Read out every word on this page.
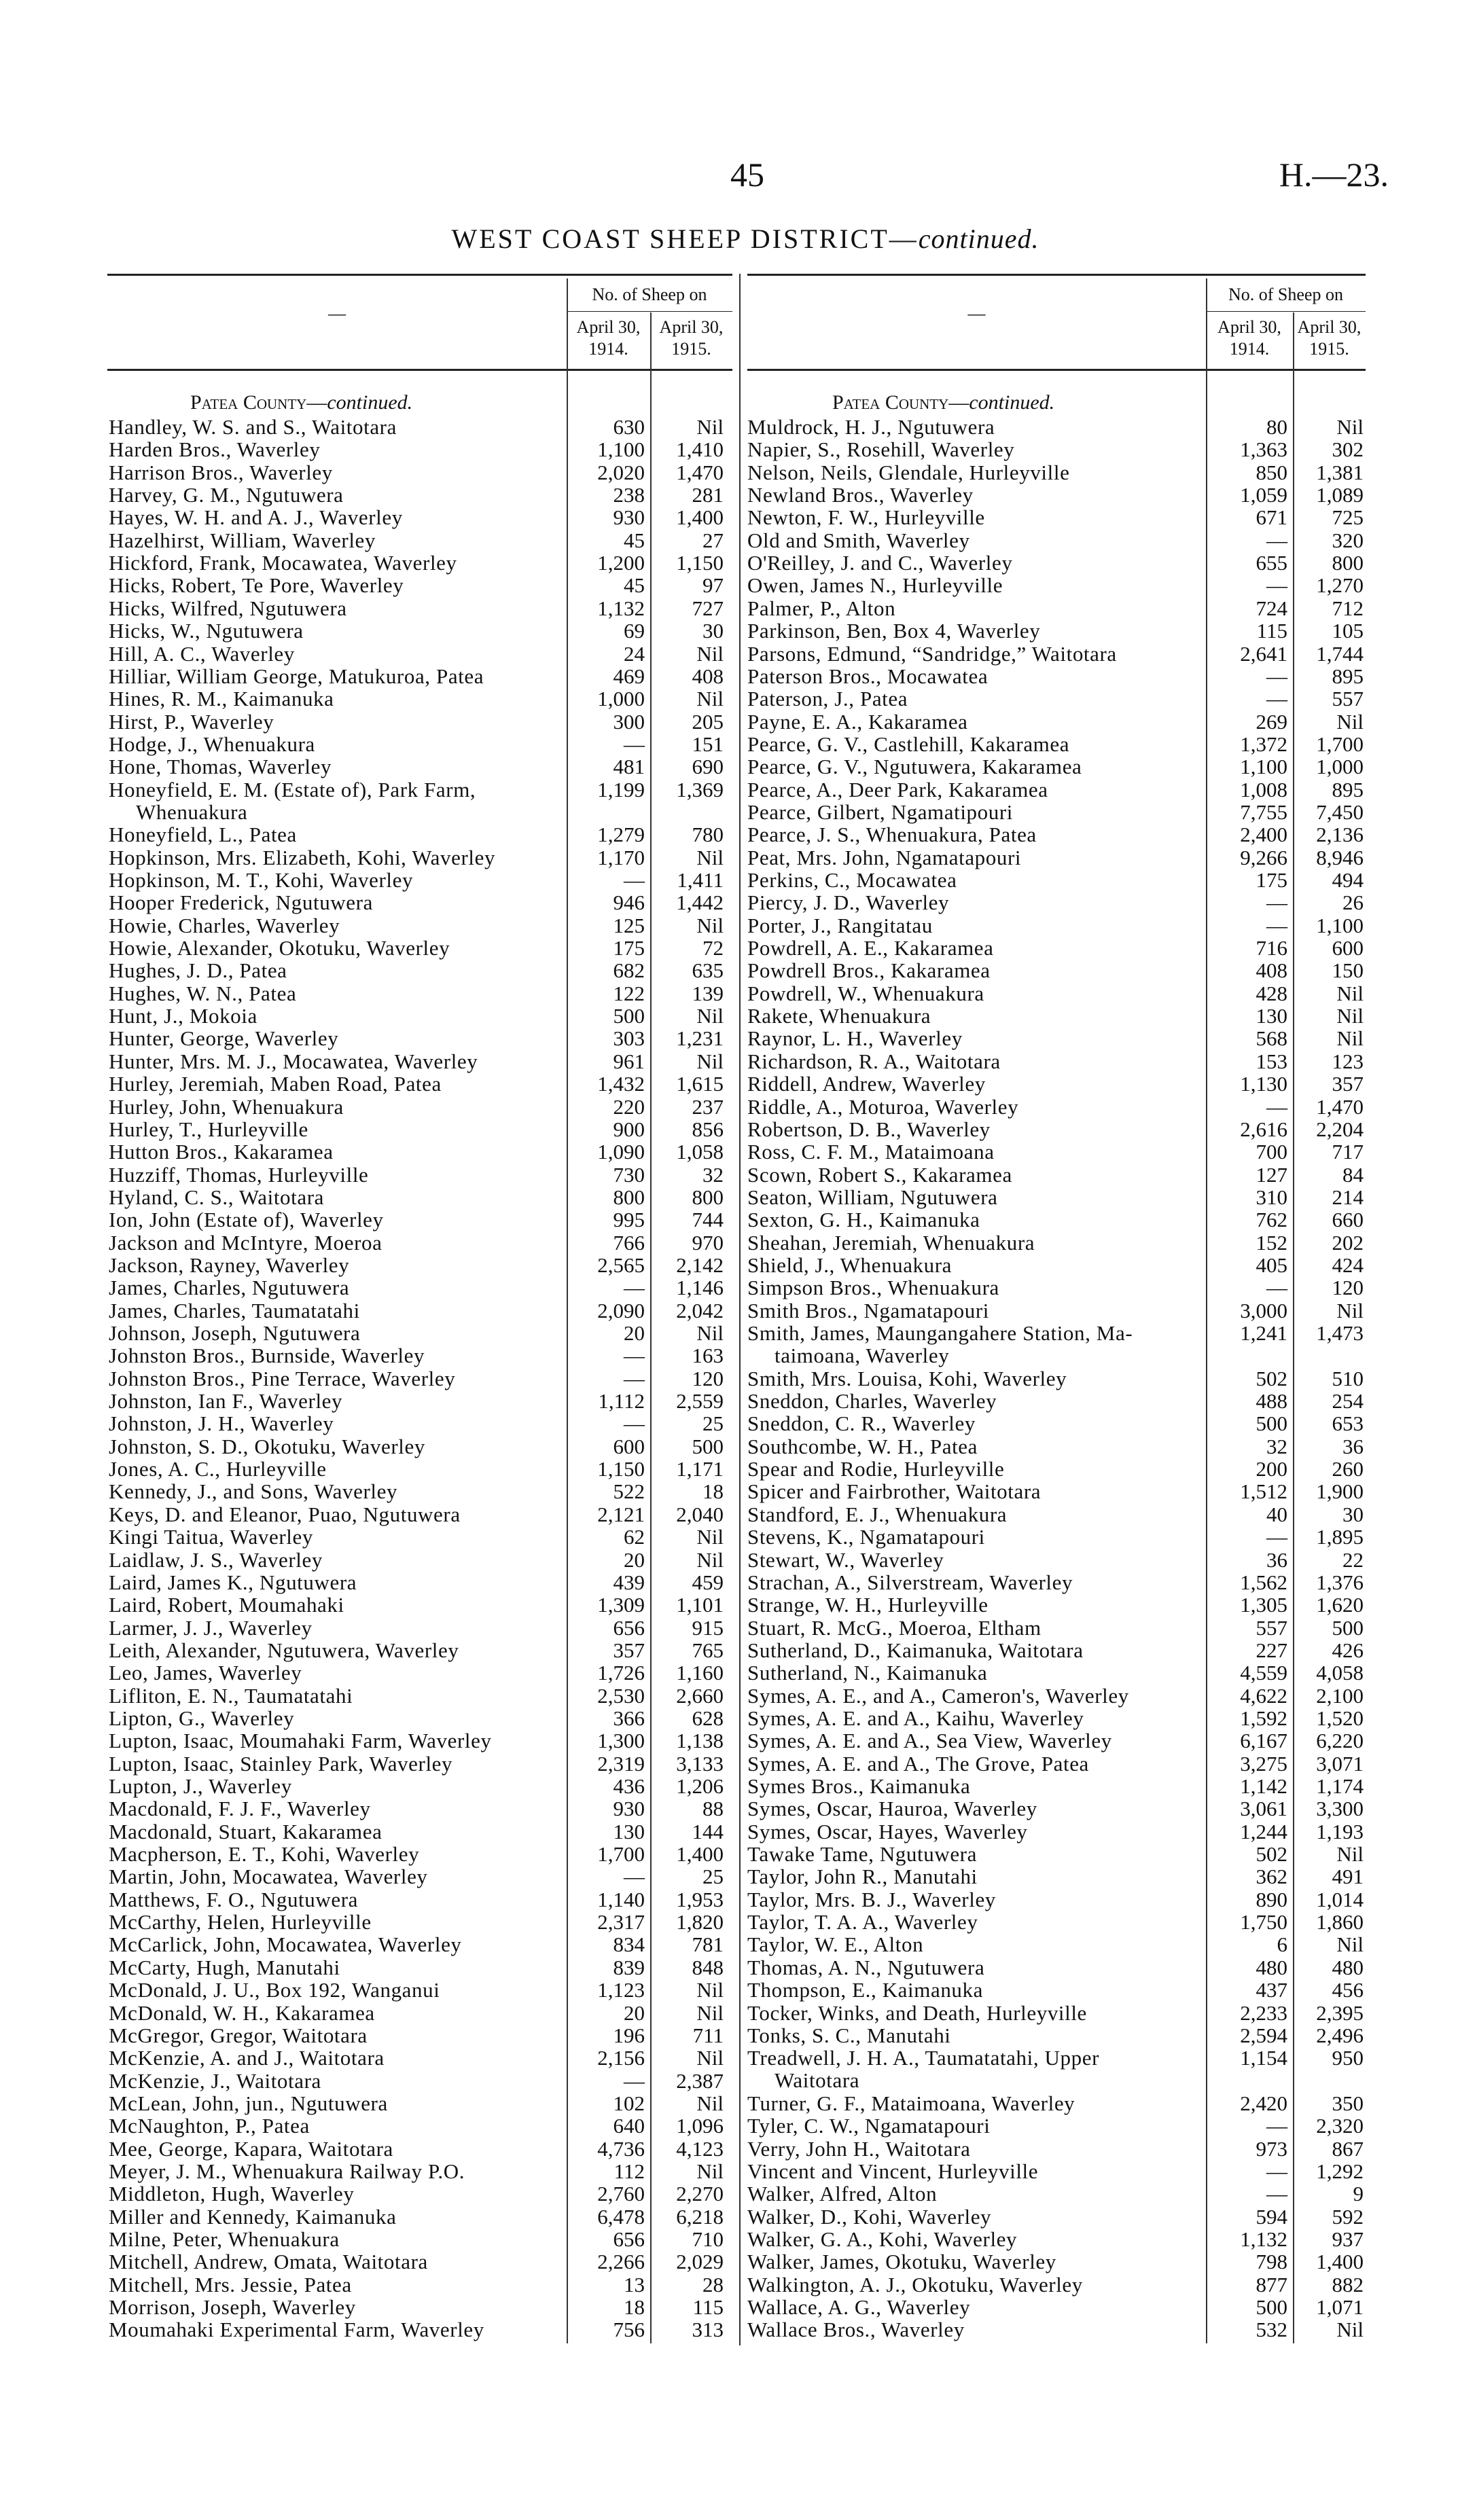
45	H.—23.
WEST COAST SHEEP DISTRICT—continued.
—
No. of Sheep on
April 30,
1914.
April 30,
1915.
Patea County—continued.
—
No. of Sheep on
April 30,
1914.
April 30,
1915.
Patea County—continued.
Handley, W. S. and S., Waitotara	630	Nil
Harden Bros., Waverley	1,100	1,410
Harrison Bros., Waverley	2,020	1,470
Harvey, G. M., Ngutuwera	238	281
Hayes, W. H. and A. J., Waverley	930	1,400
Hazelhirst, William, Waverley	45	27
Hickford, Frank, Mocawatea, Waverley	1,200	1,150
Hicks, Robert, Te Pore, Waverley	45	97
Hicks, Wilfred, Ngutuwera	1,132	727
Hicks, W., Ngutuwera	69	30
Hill, A. C., Waverley	24	Nil
Hilliar, William George, Matukuroa, Patea	469	408
Hines, R. M., Kaimanuka	1,000	Nil
Hirst, P., Waverley	300	205
Hodge, J., Whenuakura	—	151
Hone, Thomas, Waverley	481	690
Honeyfield, E. M. (Estate of), Park Farm,
Whenuakura
1,199	1,369
Honeyfield, L., Patea	1,279	780
Hopkinson, Mrs. Elizabeth, Kohi, Waverley	1,170	Nil
Hopkinson, M. T., Kohi, Waverley	—	1,411
Hooper Frederick, Ngutuwera	946	1,442
Howie, Charles, Waverley	125	Nil
Howie, Alexander, Okotuku, Waverley	175	72
Hughes, J. D., Patea	682	635
Hughes, W. N., Patea	122	139
Hunt, J., Mokoia	500	Nil
Hunter, George, Waverley	303	1,231
Hunter, Mrs. M. J., Mocawatea, Waverley	961	Nil
Hurley, Jeremiah, Maben Road, Patea	1,432	1,615
Hurley, John, Whenuakura	220	237
Hurley, T., Hurleyville	900	856
Hutton Bros., Kakaramea	1,090	1,058
Huzziff, Thomas, Hurleyville	730	32
Hyland, C. S., Waitotara	800	800
Ion, John (Estate of), Waverley	995	744
Jackson and McIntyre, Moeroa	766	970
Jackson, Rayney, Waverley	2,565	2,142
James, Charles, Ngutuwera	—	1,146
James, Charles, Taumatatahi	2,090	2,042
Johnson, Joseph, Ngutuwera	20	Nil
Johnston Bros., Burnside, Waverley	—	163
Johnston Bros., Pine Terrace, Waverley	—	120
Johnston, Ian F., Waverley	1,112	2,559
Johnston, J. H., Waverley	—	25
Johnston, S. D., Okotuku, Waverley	600	500
Jones, A. C., Hurleyville	1,150	1,171
Kennedy, J., and Sons, Waverley	522	18
Keys, D. and Eleanor, Puao, Ngutuwera	2,121	2,040
Kingi Taitua, Waverley	62	Nil
Laidlaw, J. S., Waverley	20	Nil
Laird, James K., Ngutuwera	439	459
Laird, Robert, Moumahaki	1,309	1,101
Larmer, J. J., Waverley	656	915
Leith, Alexander, Ngutuwera, Waverley	357	765
Leo, James, Waverley	1,726	1,160
Lifliton, E. N., Taumatatahi	2,530	2,660
Lipton, G., Waverley	366	628
Lupton, Isaac, Moumahaki Farm, Waverley	1,300	1,138
Lupton, Isaac, Stainley Park, Waverley	2,319	3,133
Lupton, J., Waverley	436	1,206
Macdonald, F. J. F., Waverley	930	88
Macdonald, Stuart, Kakaramea	130	144
Macpherson, E. T., Kohi, Waverley	1,700	1,400
Martin, John, Mocawatea, Waverley	—	25
Matthews, F. O., Ngutuwera	1,140	1,953
McCarthy, Helen, Hurleyville	2,317	1,820
McCarlick, John, Mocawatea, Waverley	834	781
McCarty, Hugh, Manutahi	839	848
McDonald, J. U., Box 192, Wanganui	1,123	Nil
McDonald, W. H., Kakaramea	20	Nil
McGregor, Gregor, Waitotara	196	711
McKenzie, A. and J., Waitotara	2,156	Nil
McKenzie, J., Waitotara	—	2,387
McLean, John, jun., Ngutuwera	102	Nil
McNaughton, P., Patea	640	1,096
Mee, George, Kapara, Waitotara	4,736	4,123
Meyer, J. M., Whenuakura Railway P.O.	112	Nil
Middleton, Hugh, Waverley	2,760	2,270
Miller and Kennedy, Kaimanuka	6,478	6,218
Milne, Peter, Whenuakura	656	710
Mitchell, Andrew, Omata, Waitotara	2,266	2,029
Mitchell, Mrs. Jessie, Patea	13	28
Morrison, Joseph, Waverley	18	115
Moumahaki Experimental Farm, Waverley	756	313
Muldrock, H. J., Ngutuwera	80	Nil
Napier, S., Rosehill, Waverley	1,363	302
Nelson, Neils, Glendale, Hurleyville	850	1,381
Newland Bros., Waverley	1,059	1,089
Newton, F. W., Hurleyville	671	725
Old and Smith, Waverley	—	320
O'Reilley, J. and C., Waverley	655	800
Owen, James N., Hurleyville	—	1,270
Palmer, P., Alton	724	712
Parkinson, Ben, Box 4, Waverley	115	105
Parsons, Edmund, “Sandridge,” Waitotara	2,641	1,744
Paterson Bros., Mocawatea	—	895
Paterson, J., Patea	—	557
Payne, E. A., Kakaramea	269	Nil
Pearce, G. V., Castlehill, Kakaramea	1,372	1,700
Pearce, G. V., Ngutuwera, Kakaramea	1,100	1,000
Pearce, A., Deer Park, Kakaramea	1,008	895
Pearce, Gilbert, Ngamatipouri	7,755	7,450
Pearce, J. S., Whenuakura, Patea	2,400	2,136
Peat, Mrs. John, Ngamatapouri	9,266	8,946
Perkins, C., Mocawatea	175	494
Piercy, J. D., Waverley	—	26
Porter, J., Rangitatau	—	1,100
Powdrell, A. E., Kakaramea	716	600
Powdrell Bros., Kakaramea	408	150
Powdrell, W., Whenuakura	428	Nil
Rakete, Whenuakura	130	Nil
Raynor, L. H., Waverley	568	Nil
Richardson, R. A., Waitotara	153	123
Riddell, Andrew, Waverley	1,130	357
Riddle, A., Moturoa, Waverley	—	1,470
Robertson, D. B., Waverley	2,616	2,204
Ross, C. F. M., Mataimoana	700	717
Scown, Robert S., Kakaramea	127	84
Seaton, William, Ngutuwera	310	214
Sexton, G. H., Kaimanuka	762	660
Sheahan, Jeremiah, Whenuakura	152	202
Shield, J., Whenuakura	405	424
Simpson Bros., Whenuakura	—	120
Smith Bros., Ngamatapouri	3,000	Nil
Smith, James, Maungangahere Station, Ma-
taimoana, Waverley
1,241	1,473
Smith, Mrs. Louisa, Kohi, Waverley	502	510
Sneddon, Charles, Waverley	488	254
Sneddon, C. R., Waverley	500	653
Southcombe, W. H., Patea	32	36
Spear and Rodie, Hurleyville	200	260
Spicer and Fairbrother, Waitotara	1,512	1,900
Standford, E. J., Whenuakura	40	30
Stevens, K., Ngamatapouri	—	1,895
Stewart, W., Waverley	36	22
Strachan, A., Silverstream, Waverley	1,562	1,376
Strange, W. H., Hurleyville	1,305	1,620
Stuart, R. McG., Moeroa, Eltham	557	500
Sutherland, D., Kaimanuka, Waitotara	227	426
Sutherland, N., Kaimanuka	4,559	4,058
Symes, A. E., and A., Cameron's, Waverley	4,622	2,100
Symes, A. E. and A., Kaihu, Waverley	1,592	1,520
Symes, A. E. and A., Sea View, Waverley	6,167	6,220
Symes, A. E. and A., The Grove, Patea	3,275	3,071
Symes Bros., Kaimanuka	1,142	1,174
Symes, Oscar, Hauroa, Waverley	3,061	3,300
Symes, Oscar, Hayes, Waverley	1,244	1,193
Tawake Tame, Ngutuwera	502	Nil
Taylor, John R., Manutahi	362	491
Taylor, Mrs. B. J., Waverley	890	1,014
Taylor, T. A. A., Waverley	1,750	1,860
Taylor, W. E., Alton	6	Nil
Thomas, A. N., Ngutuwera	480	480
Thompson, E., Kaimanuka	437	456
Tocker, Winks, and Death, Hurleyville	2,233	2,395
Tonks, S. C., Manutahi	2,594	2,496
Treadwell, J. H. A., Taumatatahi, Upper
Waitotara
1,154	950
Turner, G. F., Mataimoana, Waverley	2,420	350
Tyler, C. W., Ngamatapouri	—	2,320
Verry, John H., Waitotara	973	867
Vincent and Vincent, Hurleyville	—	1,292
Walker, Alfred, Alton	—	9
Walker, D., Kohi, Waverley	594	592
Walker, G. A., Kohi, Waverley	1,132	937
Walker, James, Okotuku, Waverley	798	1,400
Walkington, A. J., Okotuku, Waverley	877	882
Wallace, A. G., Waverley	500	1,071
Wallace Bros., Waverley	532	Nil
